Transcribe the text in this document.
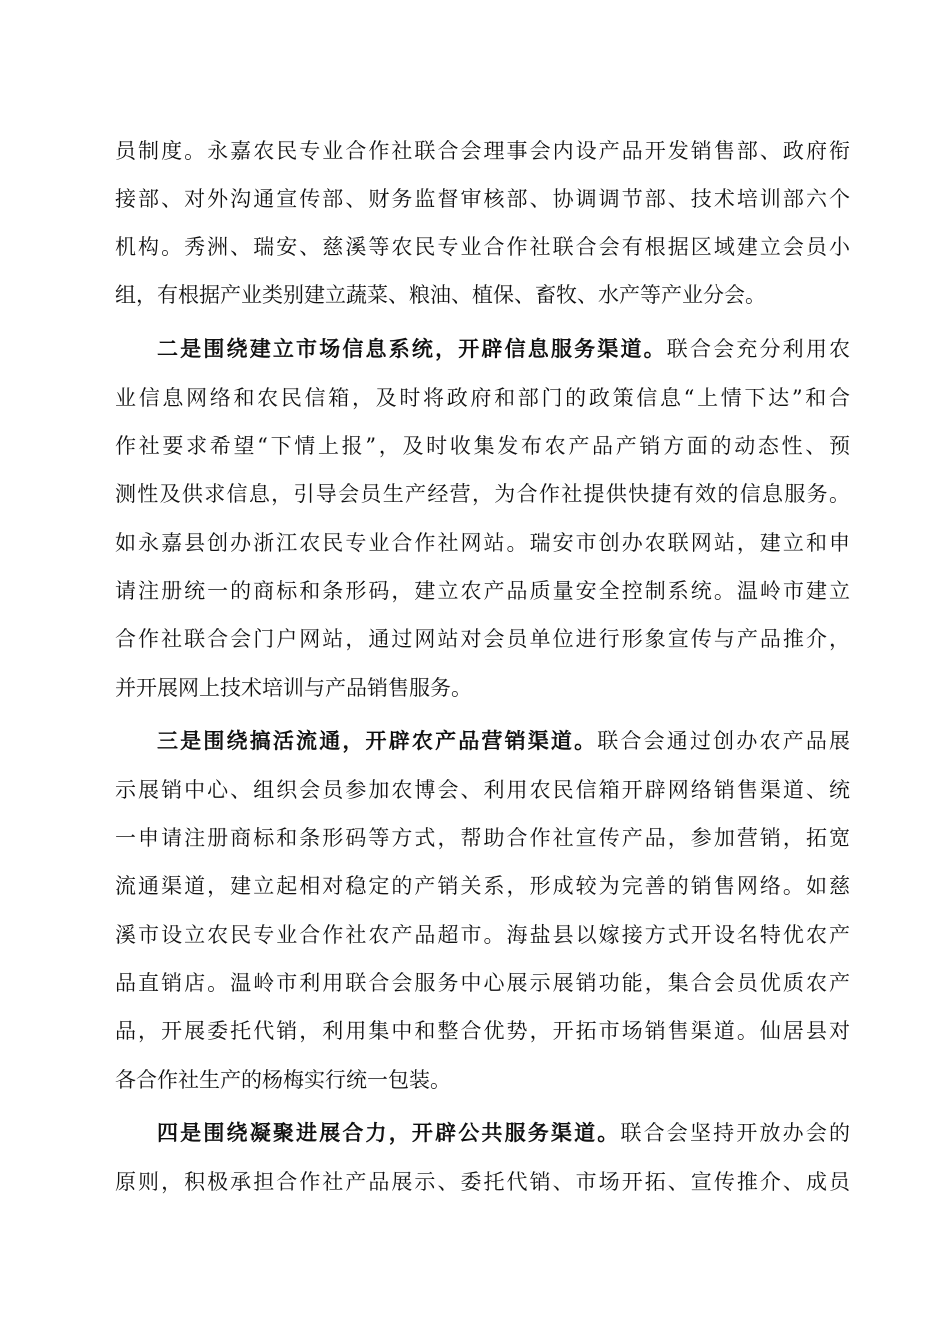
员制度。永嘉农民专业合作社联合会理事会内设产品开发销售部、政府衔
接部、对外沟通宣传部、财务监督审核部、协调调节部、技术培训部六个
机构。秀洲、瑞安、慈溪等农民专业合作社联合会有根据区域建立会员小
组，有根据产业类别建立蔬菜、粮油、植保、畜牧、水产等产业分会。
二是围绕建立市场信息系统，开辟信息服务渠道。联合会充分利用农
业信息网络和农民信箱，及时将政府和部门的政策信息“上情下达”和合
作社要求希望“下情上报”，及时收集发布农产品产销方面的动态性、预
测性及供求信息，引导会员生产经营，为合作社提供快捷有效的信息服务。
如永嘉县创办浙江农民专业合作社网站。瑞安市创办农联网站，建立和申
请注册统一的商标和条形码，建立农产品质量安全控制系统。温岭市建立
合作社联合会门户网站，通过网站对会员单位进行形象宣传与产品推介，
并开展网上技术培训与产品销售服务。
三是围绕搞活流通，开辟农产品营销渠道。联合会通过创办农产品展
示展销中心、组织会员参加农博会、利用农民信箱开辟网络销售渠道、统
一申请注册商标和条形码等方式，帮助合作社宣传产品，参加营销，拓宽
流通渠道，建立起相对稳定的产销关系，形成较为完善的销售网络。如慈
溪市设立农民专业合作社农产品超市。海盐县以嫁接方式开设名特优农产
品直销店。温岭市利用联合会服务中心展示展销功能，集合会员优质农产
品，开展委托代销，利用集中和整合优势，开拓市场销售渠道。仙居县对
各合作社生产的杨梅实行统一包装。
四是围绕凝聚进展合力，开辟公共服务渠道。联合会坚持开放办会的
原则，积极承担合作社产品展示、委托代销、市场开拓、宣传推介、成员
